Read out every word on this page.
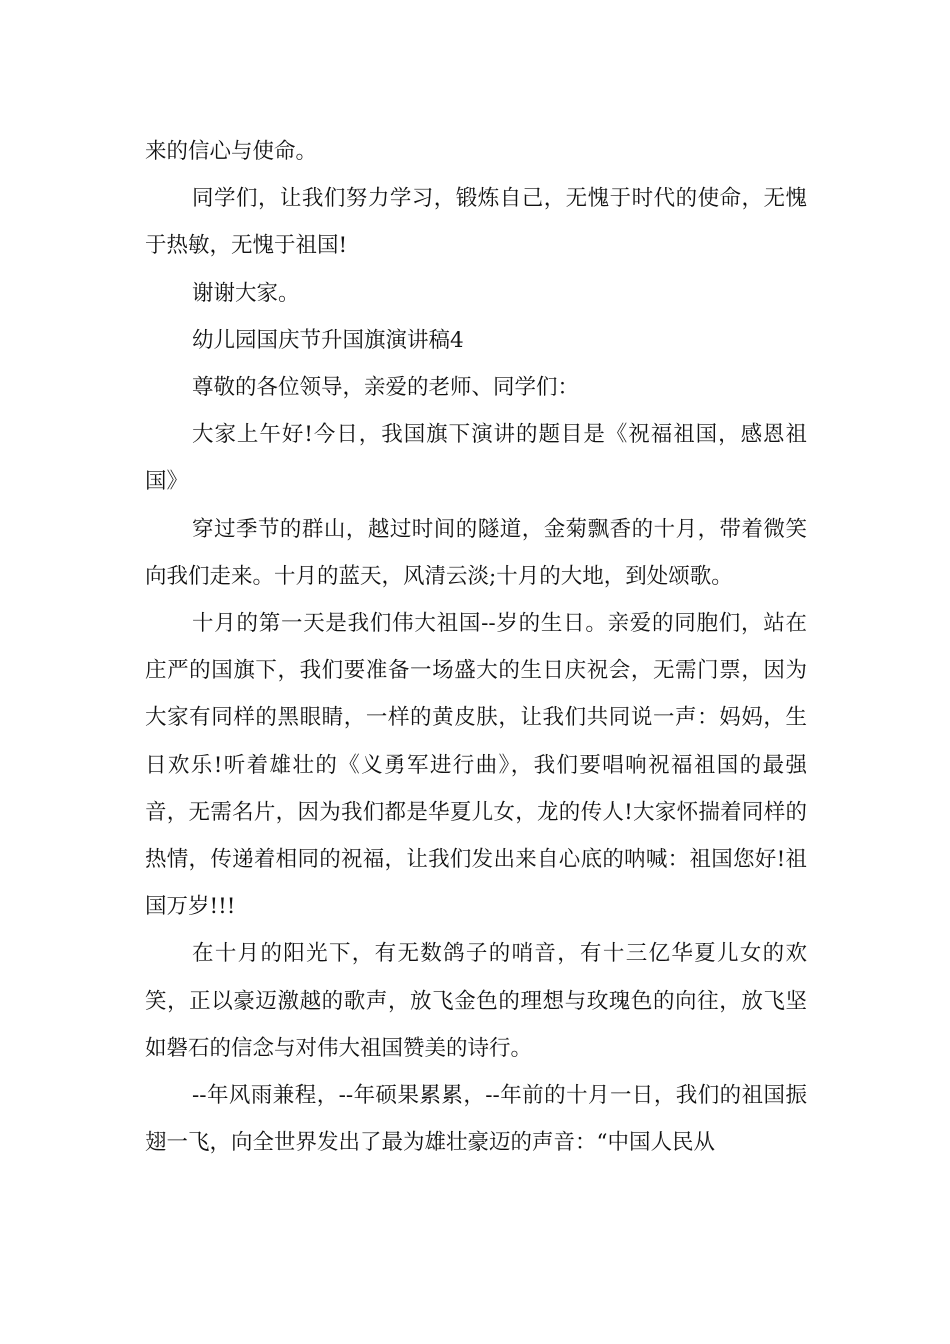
来的信心与使命。

同学们，让我们努力学习，锻炼自己，无愧于时代的使命，无愧于热敏，无愧于祖国!

谢谢大家。

幼儿园国庆节升国旗演讲稿4

尊敬的各位领导，亲爱的老师、同学们：

大家上午好!今日，我国旗下演讲的题目是《祝福祖国，感恩祖国》

穿过季节的群山，越过时间的隧道，金菊飘香的十月，带着微笑向我们走来。十月的蓝天，风清云淡;十月的大地，到处颂歌。

十月的第一天是我们伟大祖国--岁的生日。亲爱的同胞们，站在庄严的国旗下，我们要准备一场盛大的生日庆祝会，无需门票，因为大家有同样的黑眼睛，一样的黄皮肤，让我们共同说一声：妈妈，生日欢乐!听着雄壮的《义勇军进行曲》，我们要唱响祝福祖国的最强音，无需名片，因为我们都是华夏儿女，龙的传人!大家怀揣着同样的热情，传递着相同的祝福，让我们发出来自心底的呐喊：祖国您好!祖国万岁!!!

在十月的阳光下，有无数鸽子的哨音，有十三亿华夏儿女的欢笑，正以豪迈激越的歌声，放飞金色的理想与玫瑰色的向往，放飞坚如磐石的信念与对伟大祖国赞美的诗行。

--年风雨兼程，--年硕果累累，--年前的十月一日，我们的祖国振翅一飞，向全世界发出了最为雄壮豪迈的声音：“中国人民从
